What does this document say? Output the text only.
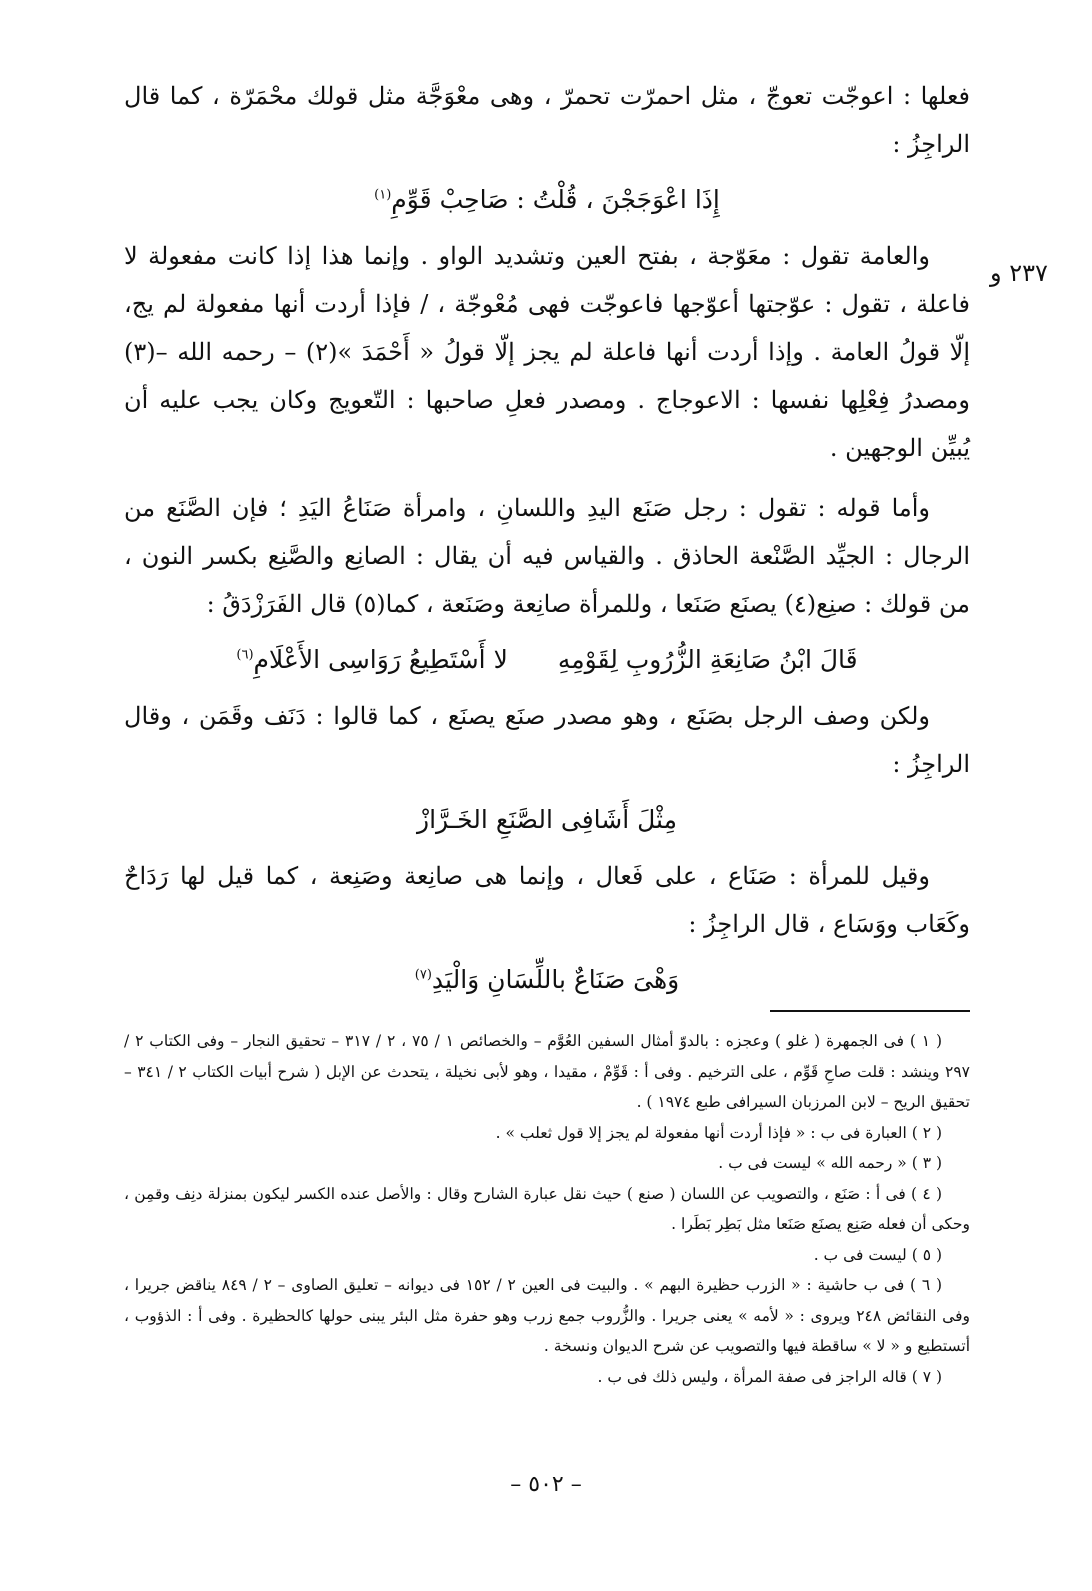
٢٣٧ و

فعلها : اعوجّت تعوجّ ، مثل احمرّت تحمرّ ، وهى معْوَجَّة مثل قولك محْمَرّة ، كما قال الراجِزُ :

إِذَا اعْوَجَجْنَ ، قُلْتُ : صَاحِبْ قَوِّمِ$^{(١)}$

والعامة تقول : معَوّجة ، بفتح العين وتشديد الواو . وإنما هذا إذا كانت مفعولة لا فاعلة ، تقول : عوّجتها أعوّجها فاعوجّت فهى مُعْوجّة ، / فإذا أردت أنها مفعولة لم يج، إلّا قولُ العامة . وإذا أردت أنها فاعلة لم يجز إلّا قولُ « أَحْمَدَ »(٢) – رحمه الله –(٣) ومصدرُ فِعْلِها نفسها : الاعوجاج . ومصدر فعلِ صاحبها : التّعويج وكان يجب عليه أن يُبيِّن الوجهين .

وأما قوله : تقول : رجل صَنَع اليدِ واللسانِ ، وامرأة صَنَاعُ اليَدِ ؛ فإن الصَّنَع من الرجال : الجيِّد الصَّنْعة الحاذق . والقياس فيه أن يقال : الصانِع والصَّنِع بكسر النون ، من قولك : صنِع(٤) يصنَع صَنَعا ، وللمرأة صانِعة وصَنَعة ، كما(٥) قال الفَرَزْدَقُ :

قَالَ ابْنُ صَانِعَةِ الزُّرُوبِ لِقَوْمِهِلا أَسْتَطِيعُ رَوَاسِى الأَعْلَامِ$^{(٦)}$

ولكن وصف الرجل بصَنَع ، وهو مصدر صنَع يصنَع ، كما قالوا : دَنَف وقَمَن ، وقال الراجِزُ :

مِثْلَ أَشَافِى الصَّنَعِ الخَـرَّازْ

وقيل للمرأة : صَنَاع ، على فَعال ، وإنما هى صانِعة وصَنِعة ، كما قيل لها رَدَاحٌ وكَعَاب ووَسَاع ، قال الراجِزُ :

وَهْىَ صَنَاعٌ باللِّسَانِ وَالْيَدِ$^{(٧)}$

( ١ ) فى الجمهرة ( غلو ) وعجزه : بالدوّ أمثال السفين العُوَّم – والخصائص ١ / ٧٥ ، ٢ / ٣١٧ – تحقيق النجار – وفى الكتاب ٢ / ٢٩٧ وينشد : قلت صاحِ قَوِّم ، على الترخيم . وفى أ : قَوِّمْ ، مقيدا ، وهو لأبى نخيلة ، يتحدث عن الإبل ( شرح أبيات الكتاب ٢ / ٣٤١ – تحقيق الريح – لابن المرزبان السيرافى طبع ١٩٧٤ ) .

( ٢ ) العبارة فى ب : « فإذا أردت أنها مفعولة لم يجز إلا قول ثعلب » .

( ٣ ) « رحمه الله » ليست فى ب .

( ٤ ) فى أ : صَنَع ، والتصويب عن اللسان ( صنع ) حيث نقل عبارة الشارح وقال : والأصل عنده الكسر ليكون بمنزلة دنِف وقمِن ، وحكى أن فعله صَنِع يصنَع صَنَعا مثل بَطِر بَطَرا .

( ٥ ) ليست فى ب .

( ٦ ) فى ب حاشية : « الزرب حظيرة البهم » . والبيت فى العين ٢ / ١٥٢ فى ديوانه – تعليق الصاوى – ٢ / ٨٤٩ يناقض جريرا ، وفى النقائض ٢٤٨ ويروى : « لأمه » يعنى جريرا . والزُّروب جمع زرب وهو حفرة مثل البئر يبنى حولها كالحظيرة . وفى أ : الذؤوب ، أتستطيع و « لا » ساقطة فيها والتصويب عن شرح الديوان ونسخة .

( ٧ ) قاله الراجز فى صفة المرأة ، وليس ذلك فى ب .

– ٥٠٢ –
